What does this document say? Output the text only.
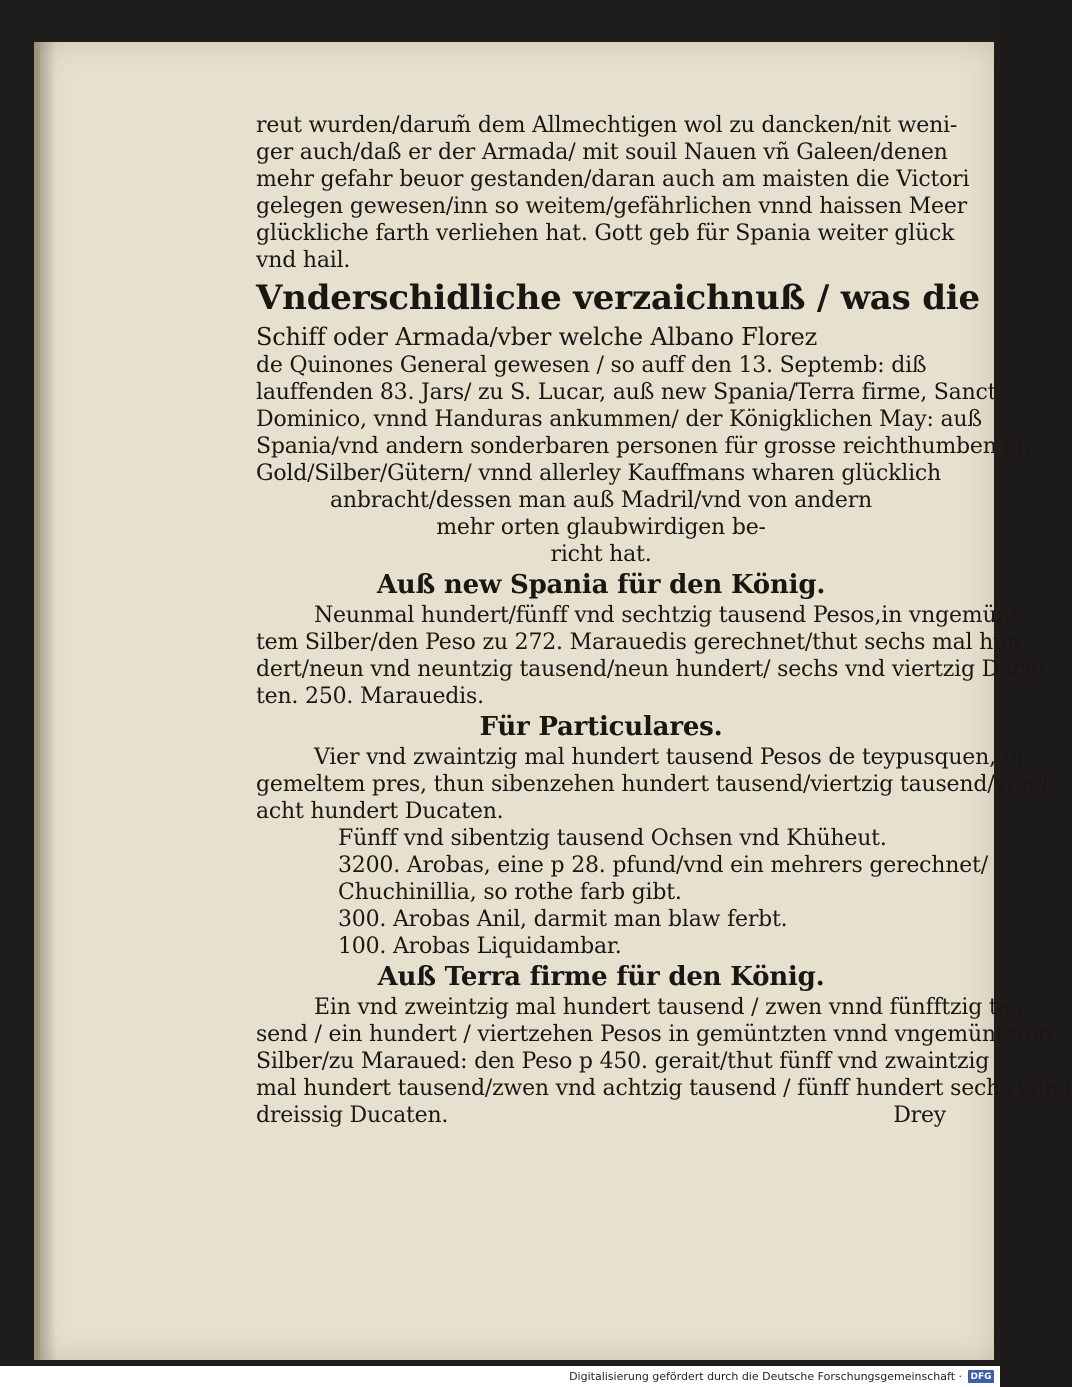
reut wurden/darum̃ dem Allmechtigen wol zu dancken/nit weni-
ger auch/daß er der Armada/ mit souil Nauen vñ Galeen/denen
mehr gefahr beuor gestanden/daran auch am maisten die Victori
gelegen gewesen/inn so weitem/gefährlichen vnnd haissen Meer
glückliche farth verliehen hat. Gott geb für Spania weiter glück
vnd hail.
Vnderschidliche verzaichnuß / was die
Schiff oder Armada/vber welche Albano Florez
de Quinones General gewesen / so auff den 13. Septemb: diß
lauffenden 83. Jars/ zu S. Lucar, auß new Spania/Terra firme, Sanct
Dominico, vnnd Handuras ankummen/ der Königklichen May: auß
Spania/vnd andern sonderbaren personen für grosse reichthumben an
Gold/Silber/Gütern/ vnnd allerley Kauffmans wharen glücklich
anbracht/dessen man auß Madril/vnd von andern
mehr orten glaubwirdigen be-
richt hat.
Auß new Spania für den König.
Neunmal hundert/fünff vnd sechtzig tausend Pesos,in vngemüntz-
tem Silber/den Peso zu 272. Marauedis gerechnet/thut sechs mal hun-
dert/neun vnd neuntzig tausend/neun hundert/ sechs vnd viertzig Ducat-
ten. 250. Marauedis.
Für Particulares.
Vier vnd zwaintzig mal hundert tausend Pesos de teypusquen, in
gemeltem pres, thun sibenzehen hundert tausend/viertzig tausend/vnnd
acht hundert Ducaten.
Fünff vnd sibentzig tausend Ochsen vnd Khüheut.
3200. Arobas, eine p 28. pfund/vnd ein mehrers gerechnet/
Chuchinillia, so rothe farb gibt.
300. Arobas Anil, darmit man blaw ferbt.
100. Arobas Liquidambar.
Auß Terra firme für den König.
Ein vnd zweintzig mal hundert tausend / zwen vnnd fünfftzig tau-
send / ein hundert / viertzehen Pesos in gemüntzten vnnd vngemüntzten
Silber/zu Maraued: den Peso p 450. gerait/thut fünff vnd zwaintzig
mal hundert tausend/zwen vnd achtzig tausend / fünff hundert sechs vnnd
dreissig Ducaten.	Drey
Digitalisierung gefördert durch die Deutsche Forschungsgemeinschaft · DFG
